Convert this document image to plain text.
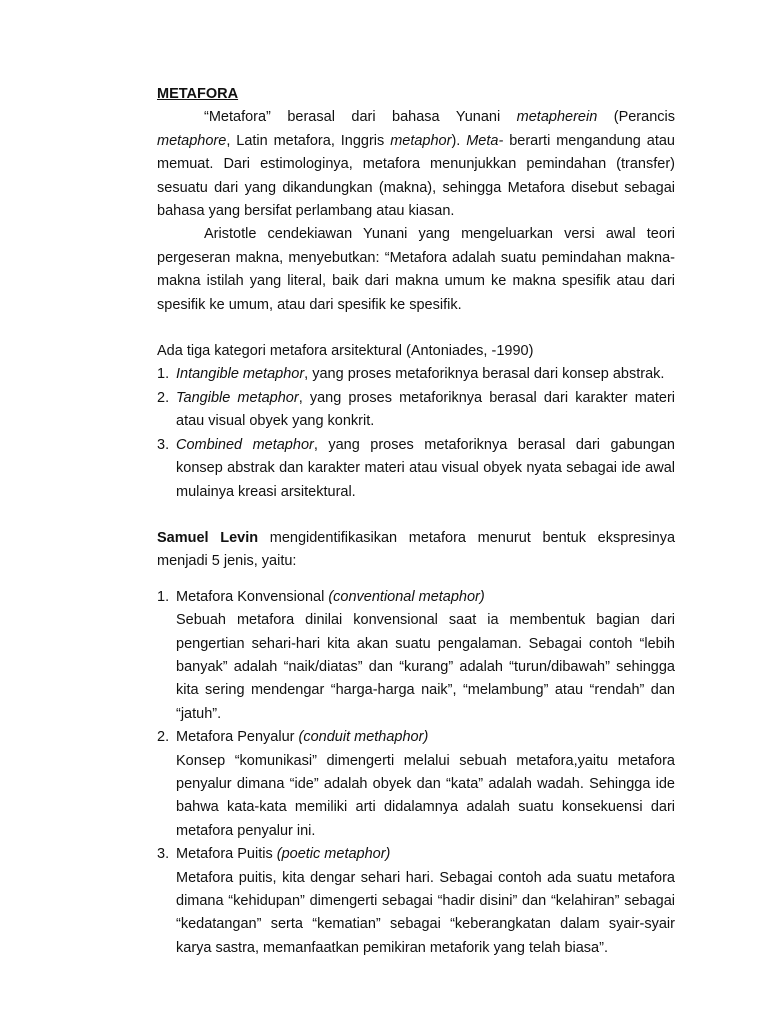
METAFORA

“Metafora” berasal dari bahasa Yunani metapherein (Perancis metaphore, Latin metafora, Inggris metaphor). Meta- berarti mengandung atau memuat. Dari estimologinya, metafora menunjukkan pemindahan (transfer) sesuatu dari yang dikandungkan (makna), sehingga Metafora disebut sebagai bahasa yang bersifat perlambang atau kiasan.

Aristotle cendekiawan Yunani yang mengeluarkan versi awal teori pergeseran makna, menyebutkan: “Metafora adalah suatu pemindahan makna-makna istilah yang literal, baik dari makna umum ke makna spesifik atau dari spesifik ke umum, atau dari spesifik ke spesifik.

Ada tiga kategori metafora arsitektural (Antoniades, -1990)

1. Intangible metaphor, yang proses metaforiknya berasal dari konsep abstrak.
2. Tangible metaphor, yang proses metaforiknya berasal dari karakter materi atau visual obyek yang konkrit.
3. Combined metaphor, yang proses metaforiknya berasal dari gabungan konsep abstrak dan karakter materi atau visual obyek nyata sebagai ide awal mulainya kreasi arsitektural.

Samuel Levin mengidentifikasikan metafora menurut bentuk ekspresinya menjadi 5 jenis, yaitu:

1. Metafora Konvensional (conventional metaphor)
Sebuah metafora dinilai konvensional saat ia membentuk bagian dari pengertian sehari-hari kita akan suatu pengalaman. Sebagai contoh “lebih banyak” adalah “naik/diatas” dan “kurang” adalah “turun/dibawah” sehingga kita sering mendengar “harga-harga naik”, “melambung” atau “rendah” dan “jatuh”.
2. Metafora Penyalur (conduit methaphor)
Konsep “komunikasi” dimengerti melalui sebuah metafora,yaitu metafora penyalur dimana “ide” adalah obyek dan “kata” adalah wadah. Sehingga ide bahwa kata-kata memiliki arti didalamnya adalah suatu konsekuensi dari metafora penyalur ini.
3. Metafora Puitis (poetic metaphor)
Metafora puitis, kita dengar sehari hari. Sebagai contoh ada suatu metafora dimana “kehidupan” dimengerti sebagai “hadir disini” dan “kelahiran” sebagai “kedatangan” serta “kematian” sebagai “keberangkatan dalam syair-syair karya sastra, memanfaatkan pemikiran metaforik yang telah biasa”.
